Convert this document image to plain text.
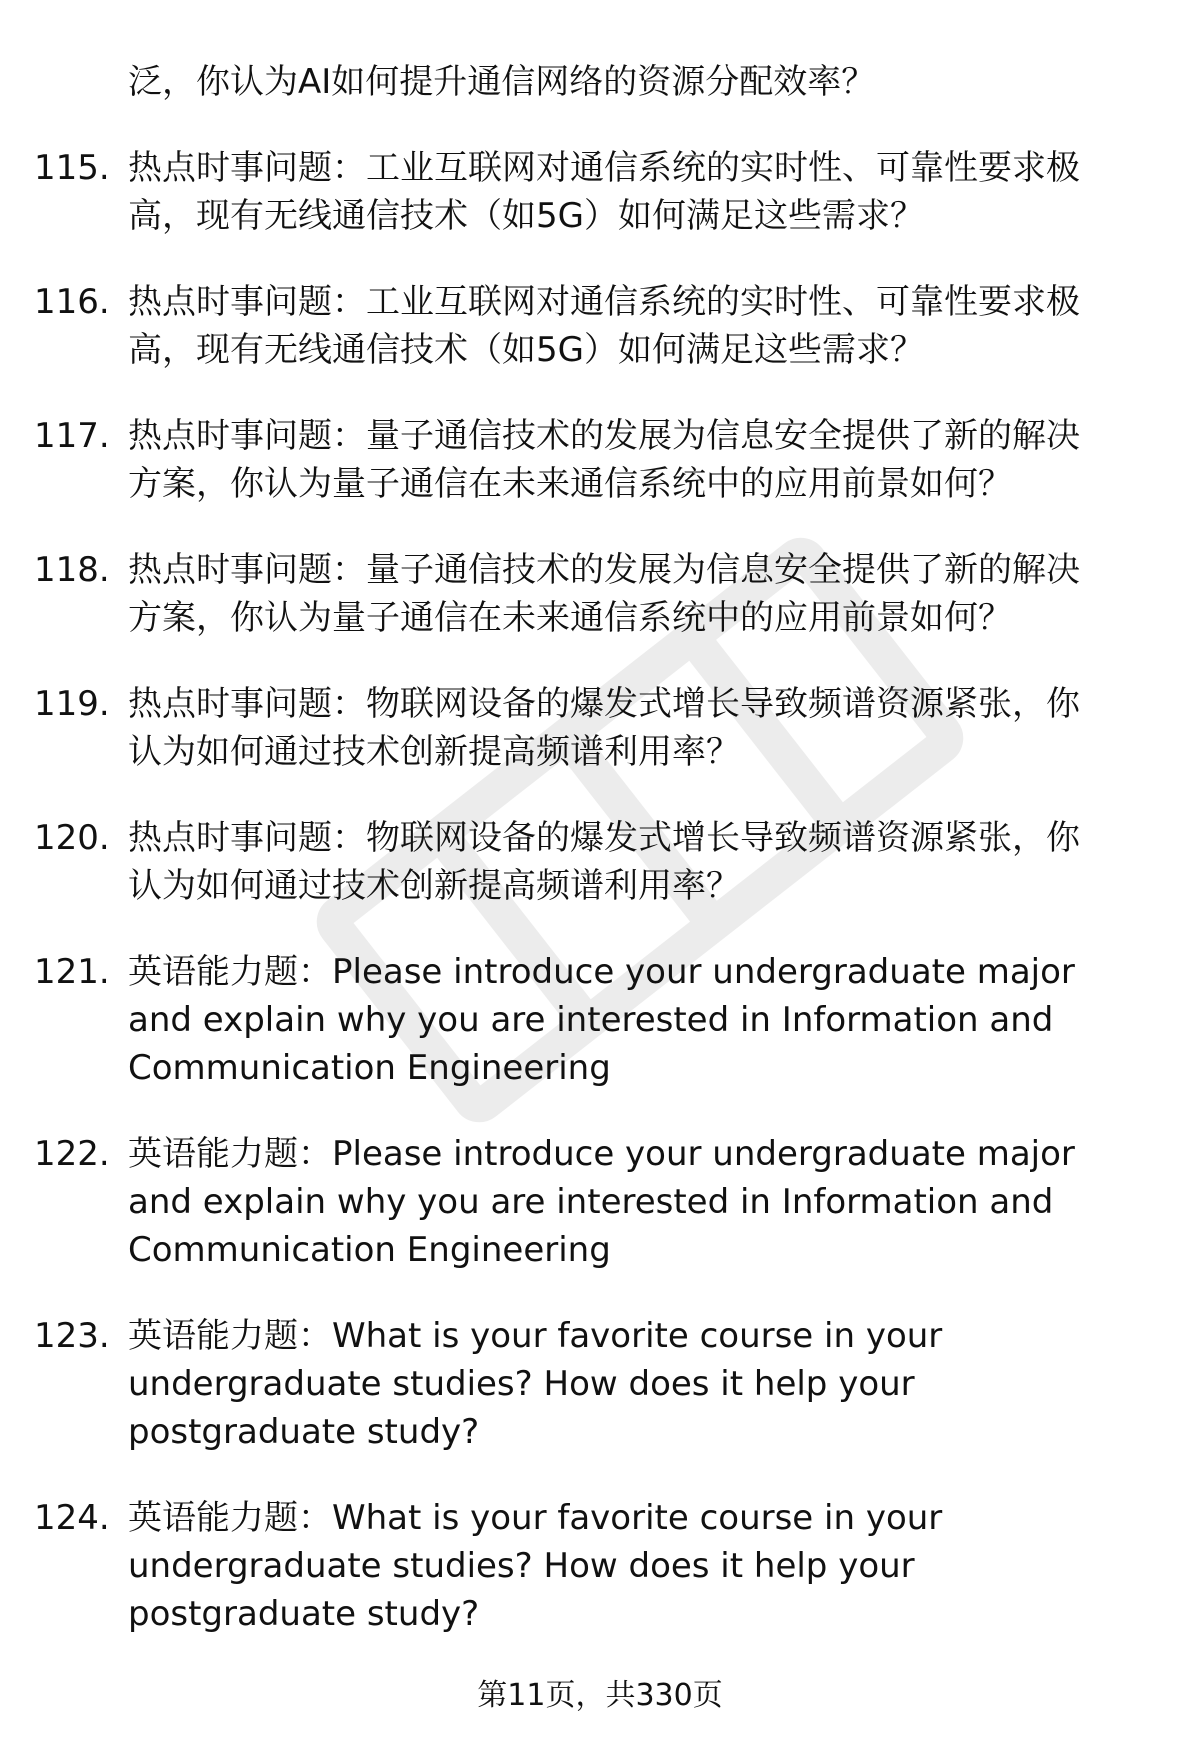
泛，你认为AI如何提升通信网络的资源分配效率？
115. 热点时事问题：工业互联网对通信系统的实时性、可靠性要求极
高，现有无线通信技术（如5G）如何满足这些需求？
116. 热点时事问题：工业互联网对通信系统的实时性、可靠性要求极
高，现有无线通信技术（如5G）如何满足这些需求？
117. 热点时事问题：量子通信技术的发展为信息安全提供了新的解决
方案，你认为量子通信在未来通信系统中的应用前景如何？
118. 热点时事问题：量子通信技术的发展为信息安全提供了新的解决
方案，你认为量子通信在未来通信系统中的应用前景如何？
119. 热点时事问题：物联网设备的爆发式增长导致频谱资源紧张，你
认为如何通过技术创新提高频谱利用率？
120. 热点时事问题：物联网设备的爆发式增长导致频谱资源紧张，你
认为如何通过技术创新提高频谱利用率？
121. 英语能力题：Please introduce your undergraduate major
and explain why you are interested in Information and
Communication Engineering
122. 英语能力题：Please introduce your undergraduate major
and explain why you are interested in Information and
Communication Engineering
123. 英语能力题：What is your favorite course in your
undergraduate studies? How does it help your
postgraduate study?
124. 英语能力题：What is your favorite course in your
undergraduate studies? How does it help your
postgraduate study?
第11页，共330页
